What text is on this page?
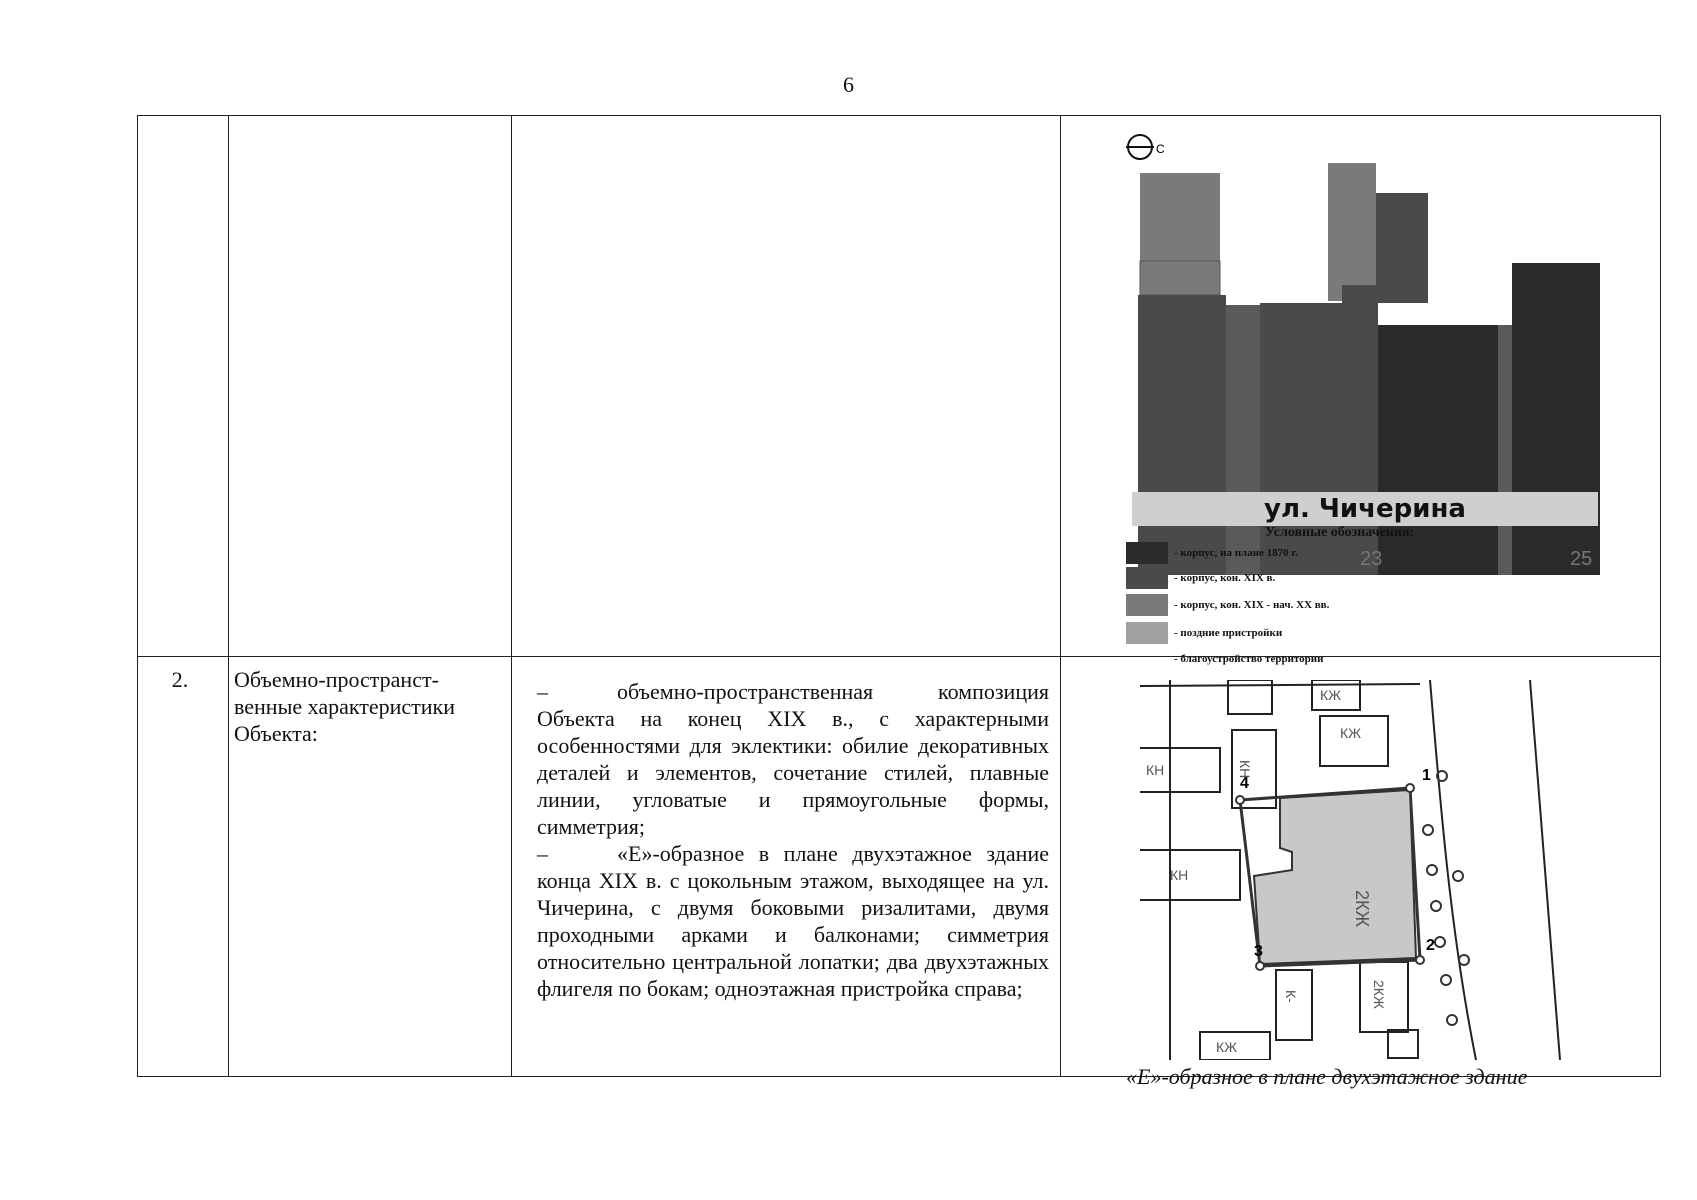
6
2.	Объемно-пространст-
венные характеристики
Объекта:

–	объемно-пространственная композиция Объекта на конец XIX в., с характерными особенностями для эклектики: обилие декоративных деталей и элементов, сочетание стилей, плавные линии, угловатые и прямоугольные формы, симметрия;

–	«Е»-образное в плане двухэтажное здание конца XIX в. с цокольным этажом, выходящее на ул. Чичерина, с двумя боковыми ризалитами, двумя проходными арками и балконами; симметрия относительно центральной лопатки; два двухэтажных флигеля по бокам; одноэтажная пристройка справа;

С
23	25
ул. Чичерина
Условные обозначения:
- корпус, на плане 1870 г.
- корпус, кон. XIX в.
- корпус, кон. XIX - нач. XX вв.
- поздние пристройки
- благоустройство территории
4	1
2
3
2КЖ
КН
КЖ
КН
КН
КЖ
К-	2КЖ
КЖ
«Е»-образное в плане двухэтажное здание
